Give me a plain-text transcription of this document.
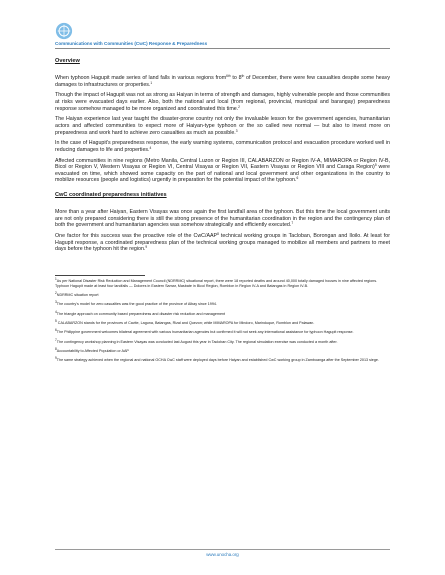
Communications with Communities (CwC) Response & Preparedness
Overview

When typhoon Hagupit made series of land falls in various regions from$^{6th}$ to 8th of December, there were few casualties despite some heavy damages to infrastructures or properties.$^1$

Though the impact of Hagupit was not as strong as Haiyan in terms of strength and damages, highly vulnerable people and those communities at risks were evacuated days earlier. Also, both the national and local (from regional, provincial, municipal and barangay) preparedness response somehow managed to be more organized and coordinated this time.$^2$

The Haiyan experience last year taught the disaster-prone country not only the invaluable lesson for the government agencies, humanitarian actors and affected communities to expect more of Haiyan-type typhoon or the so called new normal — but also to invest more on preparedness and work hard to achieve zero casualties as much as possible.$^3$

In the case of Hagupit's preparedness response, the early warning systems, communication protocol and evacuation procedure worked well in reducing damages to life and properties.$^4$

Affected communities in nine regions (Metro Manila, Central Luzon or Region III, CALABARZON or Region IV-A, MIMAROPA or Region IV-B, Bicol or Region V, Western Visayas or Region VI, Central Visayas or Region VII, Eastern Visayas or Region VIII and Caraga Region)$^5$ were evacuated on time, which showed some capacity on the part of national and local government and other organizations in the country to mobilize resources (people and logistics) urgently in preparation for the potential impact of the typhoon.$^6$

CwC coordinated preparedness initiatives

More than a year after Haiyan, Eastern Visayas was once again the first landfall area of the typhoon. But this time the local government units are not only prepared considering there is still the strong presence of the humanitarian coordination in the region and the contingency plan of both the government and humanitarian agencies was somehow strategically and efficiently executed.$^7$

One factor for this success was the proactive role of the CwC/AAP$^8$ technical working groups in Tacloban, Borongan and Iloilo. At least for Hagupit response, a coordinated preparedness plan of the technical working groups managed to mobilize all members and partners to meet days before the typhoon hit the region.$^9$

$^1$As per National Disaster Risk Reduction and Management Council (NDRRMC) situational report, there were 18 reported deaths and around 40,000 totally damaged houses in nine affected regions. Typhoon Hagupit made at least four landfalls — Dolores in Eastern Samar, Masbate in Bicol Region, Romblon in Region IV-A and Batangas in Region IV-B.

$^2$NDRRMC situation report

$^3$The country's model for zero casualties was the good practice of the province of Albay since 1994.

$^4$The triangle approach on community based preparedness and disaster risk reduction and management

$^5$ CALABARZON stands for the provinces of Cavite, Laguna, Batangas, Rizal and Quezon; while MIMAROPA for Mindoro, Marinduque, Romblon and Palawan.

$^6$The Philippine government welcomes bilateral agreement with various humanitarian agencies but confirmed it will not seek any international assistance for typhoon Hagupit response.

$^7$The contingency workshop planning in Eastern Visayas was conducted last August this year in Tacloban City. The regional simulation exercise was conducted a month after.

$^8$Accountability to Affected Population or AAP

$^9$The same strategy achieved when the regional and national OCHA CwC staff were deployed days before Haiyan and established CwC working group in Zamboanga after the September 2013 siege.

www.unocha.org
